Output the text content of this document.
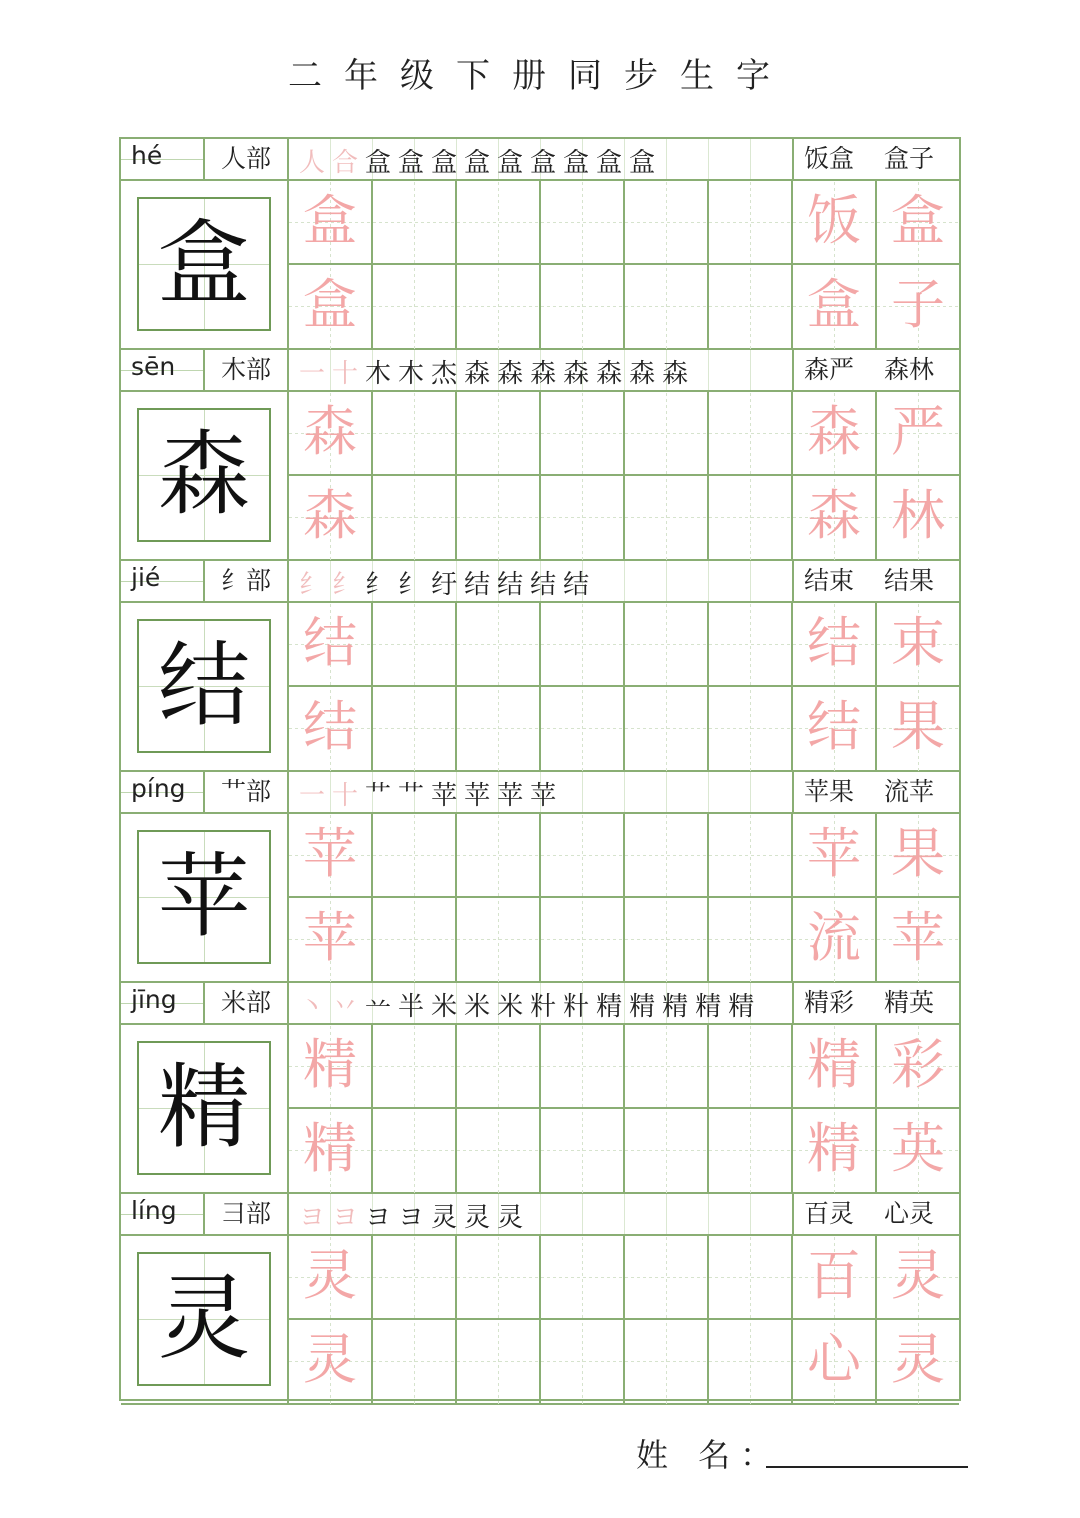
二年级下册同步生字
hé	人部	人合盒盒盒盒盒盒盒盒盒	饭盒 盒子
盒 盒	饭 盒
盒	盒 子
sēn	木部	一十木木杰森森森森森森森	森严 森林
森 森	森 严
森	森 林
jié	纟部	纟纟纟纟纡结结结结	结束 结果
结 结	结 束
结	结 果
píng	艹部	一十艹艹苹苹苹苹	苹果 流苹
苹 苹	苹 果
苹	流 苹
jīng	米部	丶丷䒑半米米米籵籵精精精精精 精彩 精英
精 精	精 彩
精	精 英
líng	彐部	ヨヨヨヨ灵灵灵	百灵 心灵
灵 灵	百 灵
灵	心 灵
姓 名：
